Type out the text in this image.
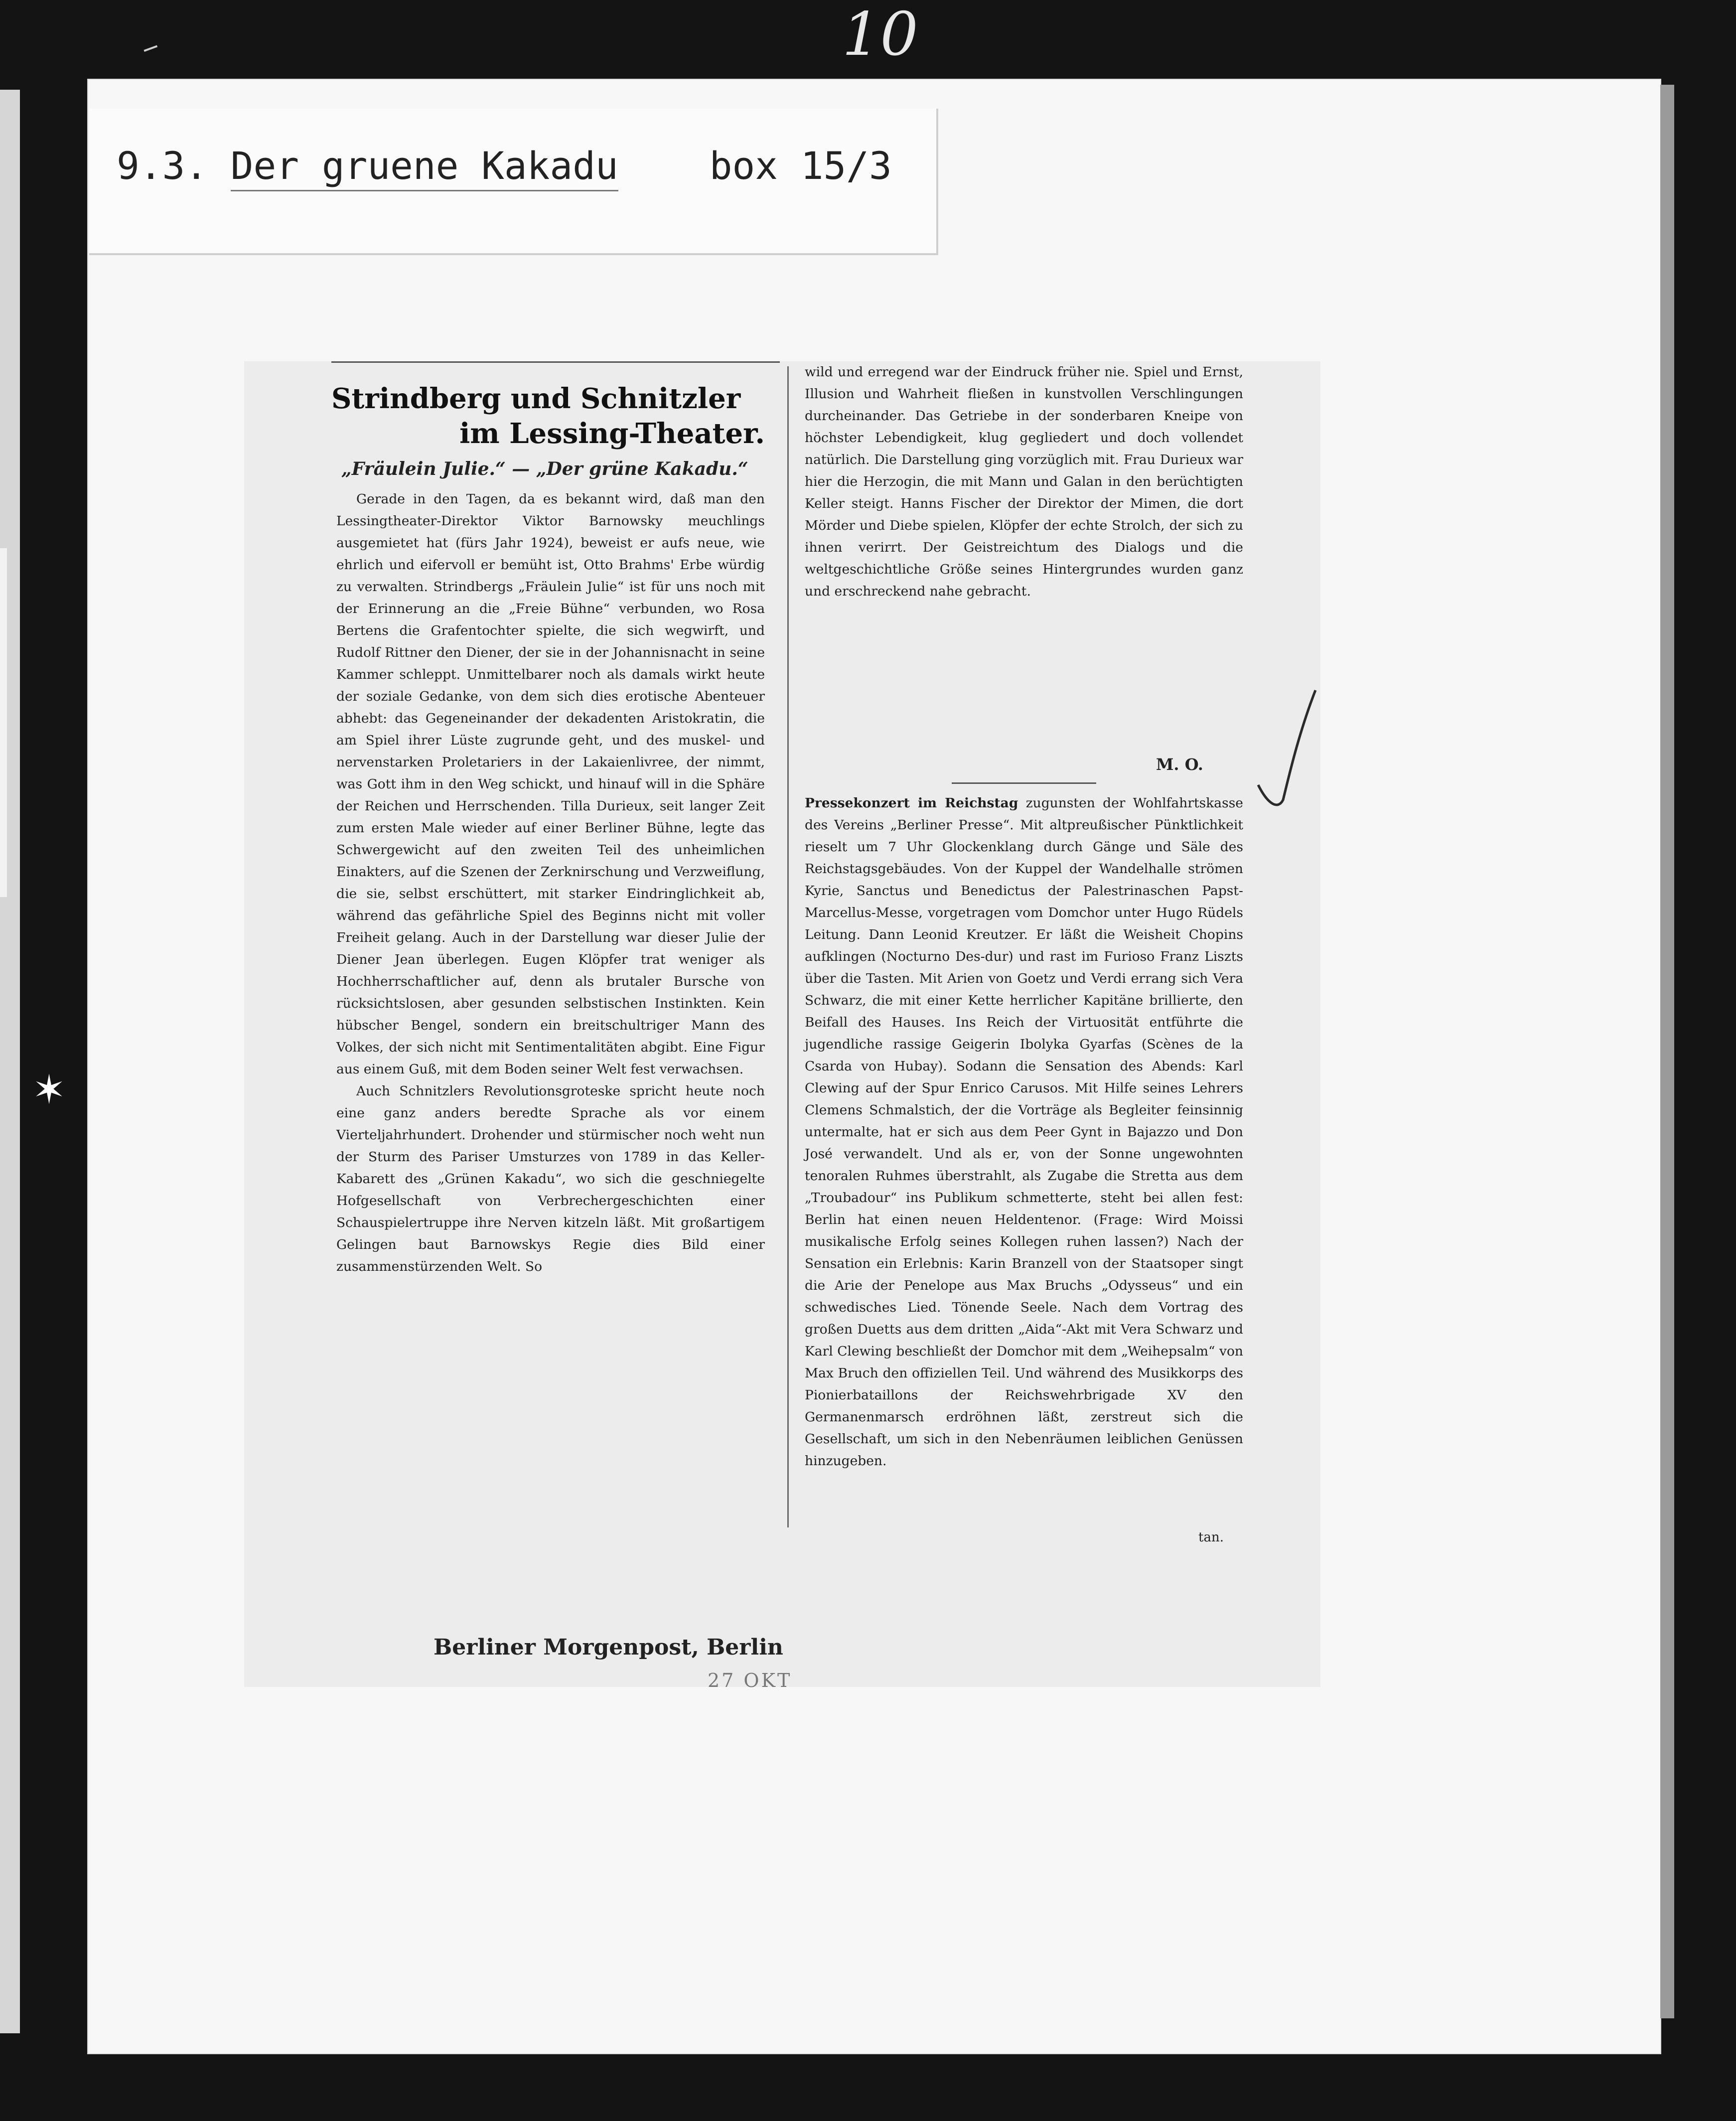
10
✶
9.3. Der gruene Kakadu box 15/3
Strindberg und Schnitzler
im Lessing-Theater.
„Fräulein Julie.“ — „Der grüne Kakadu.“

Gerade in den Tagen, da es bekannt wird, daß man den Lessingtheater-Direktor Viktor Barnowsky meuchlings ausgemietet hat (fürs Jahr 1924), beweist er aufs neue, wie ehrlich und eifervoll er bemüht ist, Otto Brahms' Erbe würdig zu verwalten. Strindbergs „Fräulein Julie“ ist für uns noch mit der Erinnerung an die „Freie Bühne“ verbunden, wo Rosa Bertens die Grafentochter spielte, die sich wegwirft, und Rudolf Rittner den Diener, der sie in der Johannisnacht in seine Kammer schleppt. Unmittelbarer noch als damals wirkt heute der soziale Gedanke, von dem sich dies erotische Abenteuer abhebt: das Gegeneinander der dekadenten Aristokratin, die am Spiel ihrer Lüste zugrunde geht, und des muskel- und nervenstarken Proletariers in der Lakaienlivree, der nimmt, was Gott ihm in den Weg schickt, und hinauf will in die Sphäre der Reichen und Herrschenden. Tilla Durieux, seit langer Zeit zum ersten Male wieder auf einer Berliner Bühne, legte das Schwergewicht auf den zweiten Teil des unheimlichen Einakters, auf die Szenen der Zerknirschung und Verzweiflung, die sie, selbst erschüttert, mit starker Eindringlichkeit ab, während das gefährliche Spiel des Beginns nicht mit voller Freiheit gelang. Auch in der Darstellung war dieser Julie der Diener Jean überlegen. Eugen Klöpfer trat weniger als Hochherrschaftlicher auf, denn als brutaler Bursche von rücksichtslosen, aber gesunden selbstischen Instinkten. Kein hübscher Bengel, sondern ein breitschultriger Mann des Volkes, der sich nicht mit Sentimentalitäten abgibt. Eine Figur aus einem Guß, mit dem Boden seiner Welt fest verwachsen.

Auch Schnitzlers Revolutionsgroteske spricht heute noch eine ganz anders beredte Sprache als vor einem Vierteljahrhundert. Drohender und stürmischer noch weht nun der Sturm des Pariser Umsturzes von 1789 in das Keller-Kabarett des „Grünen Kakadu“, wo sich die geschniegelte Hofgesellschaft von Verbrechergeschichten einer Schauspielertruppe ihre Nerven kitzeln läßt. Mit großartigem Gelingen baut Barnowskys Regie dies Bild einer zusammenstürzenden Welt. So

wild und erregend war der Eindruck früher nie. Spiel und Ernst, Illusion und Wahrheit fließen in kunstvollen Verschlingungen durcheinander. Das Getriebe in der sonderbaren Kneipe von höchster Lebendigkeit, klug gegliedert und doch vollendet natürlich. Die Darstellung ging vorzüglich mit. Frau Durieux war hier die Herzogin, die mit Mann und Galan in den berüchtigten Keller steigt. Hanns Fischer der Direktor der Mimen, die dort Mörder und Diebe spielen, Klöpfer der echte Strolch, der sich zu ihnen verirrt. Der Geistreichtum des Dialogs und die weltgeschichtliche Größe seines Hintergrundes wurden ganz und erschreckend nahe gebracht.

M. O.

Pressekonzert im Reichstag zugunsten der Wohlfahrtskasse des Vereins „Berliner Presse“. Mit altpreußischer Pünktlichkeit rieselt um 7 Uhr Glockenklang durch Gänge und Säle des Reichstagsgebäudes. Von der Kuppel der Wandelhalle strömen Kyrie, Sanctus und Benedictus der Palestrinaschen Papst-Marcellus-Messe, vorgetragen vom Domchor unter Hugo Rüdels Leitung. Dann Leonid Kreutzer. Er läßt die Weisheit Chopins aufklingen (Nocturno Des-dur) und rast im Furioso Franz Liszts über die Tasten. Mit Arien von Goetz und Verdi errang sich Vera Schwarz, die mit einer Kette herrlicher Kapitäne brillierte, den Beifall des Hauses. Ins Reich der Virtuosität entführte die jugendliche rassige Geigerin Ibolyka Gyarfas (Scènes de la Csarda von Hubay). Sodann die Sensation des Abends: Karl Clewing auf der Spur Enrico Carusos. Mit Hilfe seines Lehrers Clemens Schmalstich, der die Vorträge als Begleiter feinsinnig untermalte, hat er sich aus dem Peer Gynt in Bajazzo und Don José verwandelt. Und als er, von der Sonne ungewohnten tenoralen Ruhmes überstrahlt, als Zugabe die Stretta aus dem „Troubadour“ ins Publikum schmetterte, steht bei allen fest: Berlin hat einen neuen Heldentenor. (Frage: Wird Moissi musikalische Erfolg seines Kollegen ruhen lassen?) Nach der Sensation ein Erlebnis: Karin Branzell von der Staatsoper singt die Arie der Penelope aus Max Bruchs „Odysseus“ und ein schwedisches Lied. Tönende Seele. Nach dem Vortrag des großen Duetts aus dem dritten „Aida“-Akt mit Vera Schwarz und Karl Clewing beschließt der Domchor mit dem „Weihepsalm“ von Max Bruch den offiziellen Teil. Und während des Musikkorps des Pionierbataillons der Reichswehrbrigade XV den Germanenmarsch erdröhnen läßt, zerstreut sich die Gesellschaft, um sich in den Nebenräumen leiblichen Genüssen hinzugeben.

tan.
Berliner Morgenpost, Berlin
27 OKT
